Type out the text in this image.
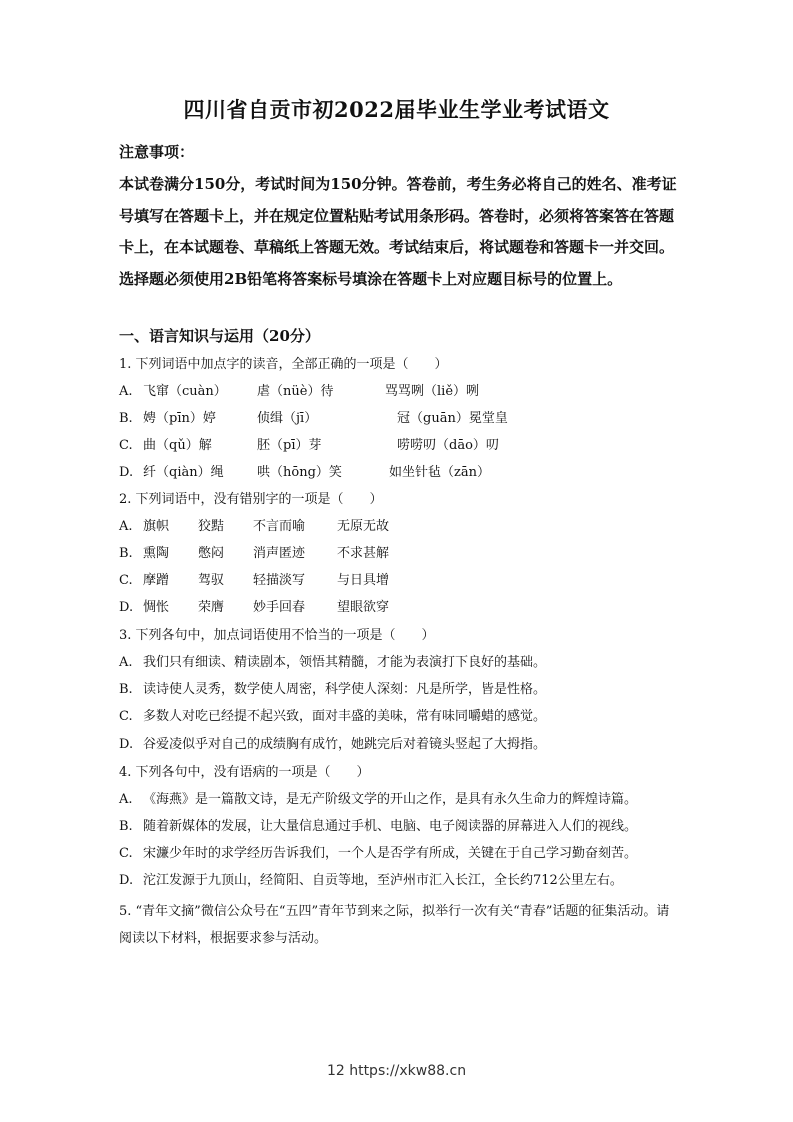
四川省自贡市初2022届毕业生学业考试语文
注意事项：
本试卷满分150分，考试时间为150分钟。答卷前，考生务必将自己的姓名、准考证号填写在答题卡上，并在规定位置粘贴考试用条形码。答卷时，必须将答案答在答题卡上，在本试题卷、草稿纸上答题无效。考试结束后，将试题卷和答题卡一并交回。选择题必须使用2B铅笔将答案标号填涂在答题卡上对应题目标号的位置上。
一、语言知识与运用（20分）
1. 下列词语中加点字的读音，全部正确的一项是（　　）
A. 飞窜（cuàn） 虐（nüè）待	骂骂咧（liě）咧
B. 娉（pīn）婷	侦缉（jī）	冠（guān）冕堂皇
C. 曲（qǔ）解	胚（pī）芽	唠唠叨（dāo）叨
D. 纤（qiàn）绳	哄（hōng）笑	如坐针毡（zān）
2. 下列词语中，没有错别字的一项是（　　）
A. 旗帜 狡黠 不言而喻 无原无故
B. 熏陶 憋闷 消声匿迹 不求甚解
C. 摩蹭 驾驭 轻描淡写 与日具增
D. 惆怅 荣膺 妙手回春 望眼欲穿
3. 下列各句中，加点词语使用不恰当的一项是（　　）
A. 我们只有细读、精读剧本，领悟其精髓，才能为表演打下良好的基础。
B. 读诗使人灵秀，数学使人周密，科学使人深刻：凡是所学，皆是性格。
C. 多数人对吃已经提不起兴致，面对丰盛的美味，常有味同嚼蜡的感觉。
D. 谷爱凌似乎对自己的成绩胸有成竹，她跳完后对着镜头竖起了大拇指。
4. 下列各句中，没有语病的一项是（　　）
A. 《海燕》是一篇散文诗，是无产阶级文学的开山之作，是具有永久生命力的辉煌诗篇。
B. 随着新媒体的发展，让大量信息通过手机、电脑、电子阅读器的屏幕进入人们的视线。
C. 宋濂少年时的求学经历告诉我们，一个人是否学有所成，关键在于自己学习勤奋刻苦。
D. 沱江发源于九顶山，经简阳、自贡等地，至泸州市汇入长江，全长约712公里左右。
5. “青年文摘”微信公众号在“五四”青年节到来之际，拟举行一次有关“青春”话题的征集活动。请阅读以下材料，根据要求参与活动。
12 https://xkw88.cn
